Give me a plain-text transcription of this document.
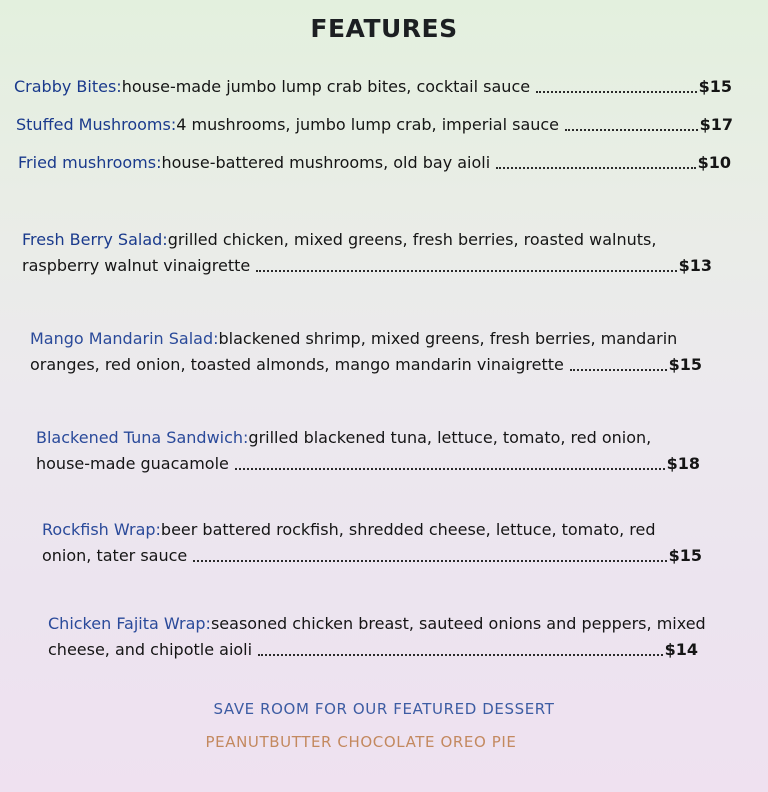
FEATURES
Crabby Bites: house-made jumbo lump crab bites, cocktail sauce	$15
Stuffed Mushrooms: 4 mushrooms, jumbo lump crab, imperial sauce	$17
Fried mushrooms: house-battered mushrooms, old bay aioli	$10
Fresh Berry Salad: grilled chicken, mixed greens, fresh berries, roasted walnuts,
raspberry walnut vinaigrette	$13
Mango Mandarin Salad: blackened shrimp, mixed greens, fresh berries, mandarin
oranges, red onion, toasted almonds, mango mandarin vinaigrette	$15
Blackened Tuna Sandwich: grilled blackened tuna, lettuce, tomato, red onion,
house-made guacamole	$18
Rockfish Wrap: beer battered rockfish, shredded cheese, lettuce, tomato, red
onion, tater sauce	$15
Chicken Fajita Wrap: seasoned chicken breast, sauteed onions and peppers, mixed
cheese, and chipotle aioli	$14
SAVE ROOM FOR OUR FEATURED DESSERT
PEANUTBUTTER CHOCOLATE OREO PIE
